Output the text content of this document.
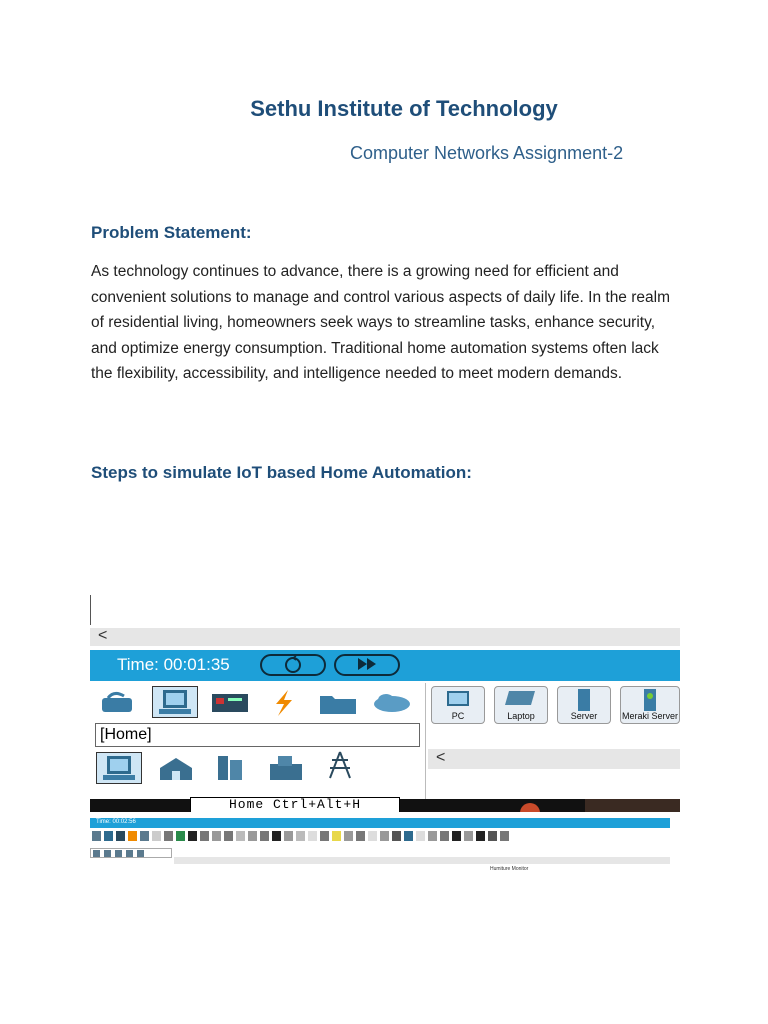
Sethu Institute of Technology
Computer Networks Assignment-2
Problem Statement:
As technology continues to advance, there is a growing need for efficient and convenient solutions to manage and control various aspects of daily life. In the realm of residential living, homeowners seek ways to streamline tasks, enhance security, and optimize energy consumption. Traditional home automation systems often lack the flexibility, accessibility, and intelligence needed to meet modern demands.
Steps to simulate IoT based Home Automation:
<
Time: 00:01:35
[Home]
PC	Laptop	Server	Meraki Server
<
Home Ctrl+Alt+H
Time: 00:02:56
Humiture Monitor
